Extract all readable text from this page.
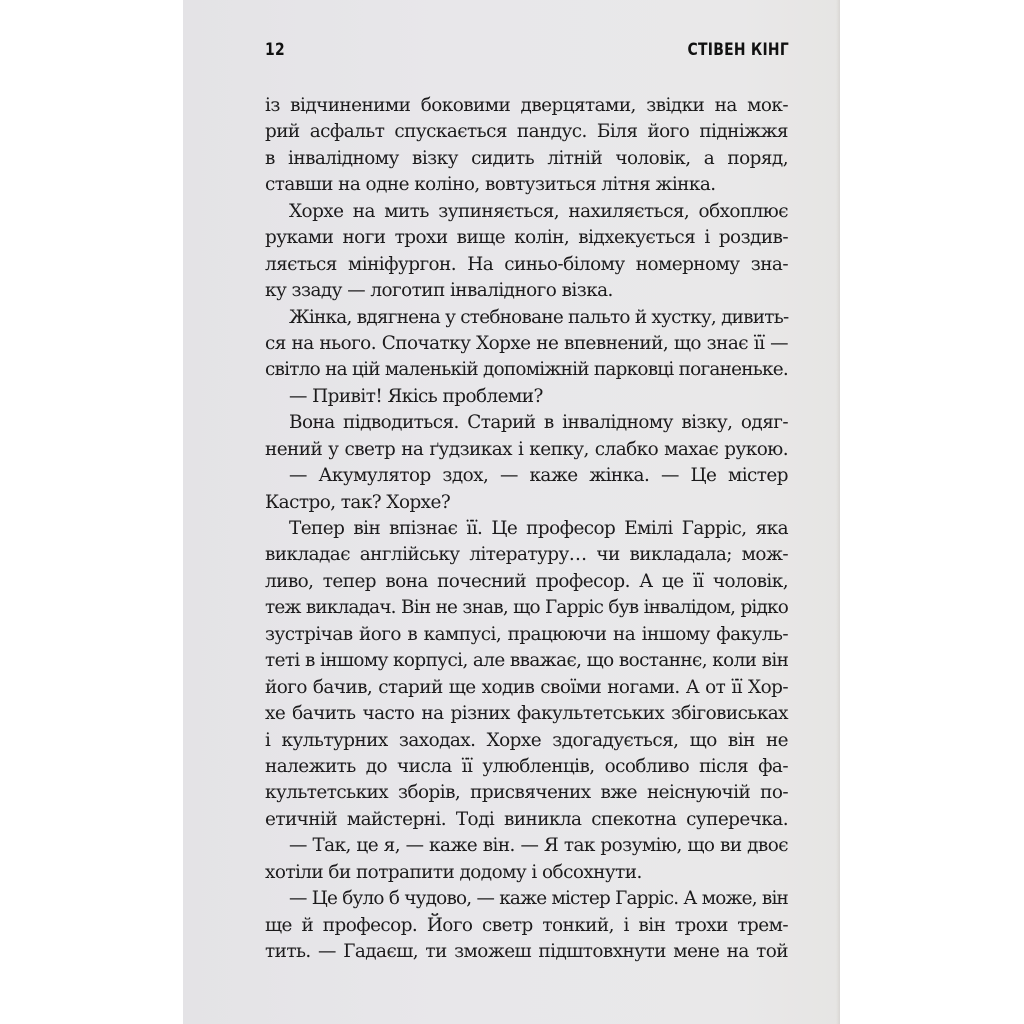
12	СТІВЕН КІНГ
із відчиненими боковими дверцятами, звідки на мок-
рий асфальт спускається пандус. Біля його підніжжя
в інвалідному візку сидить літній чоловік, а поряд,
ставши на одне коліно, вовтузиться літня жінка.
Хорхе на мить зупиняється, нахиляється, обхоплює
руками ноги трохи вище колін, відхекується і роздив-
ляється мініфургон. На синьо-білому номерному зна-
ку ззаду — логотип інвалідного візка.
Жінка, вдягнена у стебноване пальто й хустку, дивить-
ся на нього. Спочатку Хорхе не впевнений, що знає її —
світло на цій маленькій допоміжній парковці поганеньке.
— Привіт! Якісь проблеми?
Вона підводиться. Старий в інвалідному візку, одяг-
нений у светр на ґудзиках і кепку, слабко махає рукою.
— Акумулятор здох, — каже жінка. — Це містер
Кастро, так? Хорхе?
Тепер він впізнає її. Це професор Емілі Гарріс, яка
викладає англійську літературу… чи викладала; мож-
ливо, тепер вона почесний професор. А це її чоловік,
теж викладач. Він не знав, що Гарріс був інвалідом, рідко
зустрічав його в кампусі, працюючи на іншому факуль-
теті в іншому корпусі, але вважає, що востаннє, коли він
його бачив, старий ще ходив своїми ногами. А от її Хор-
хе бачить часто на різних факультетських збіговиськах
і культурних заходах. Хорхе здогадується, що він не
належить до числа її улюбленців, особливо після фа-
культетських зборів, присвячених вже неіснуючій по-
етичній майстерні. Тоді виникла спекотна суперечка.
— Так, це я, — каже він. — Я так розумію, що ви двоє
хотіли би потрапити додому і обсохнути.
— Це було б чудово, — каже містер Гарріс. А може, він
ще й професор. Його светр тонкий, і він трохи трем-
тить. — Гадаєш, ти зможеш підштовхнути мене на той
